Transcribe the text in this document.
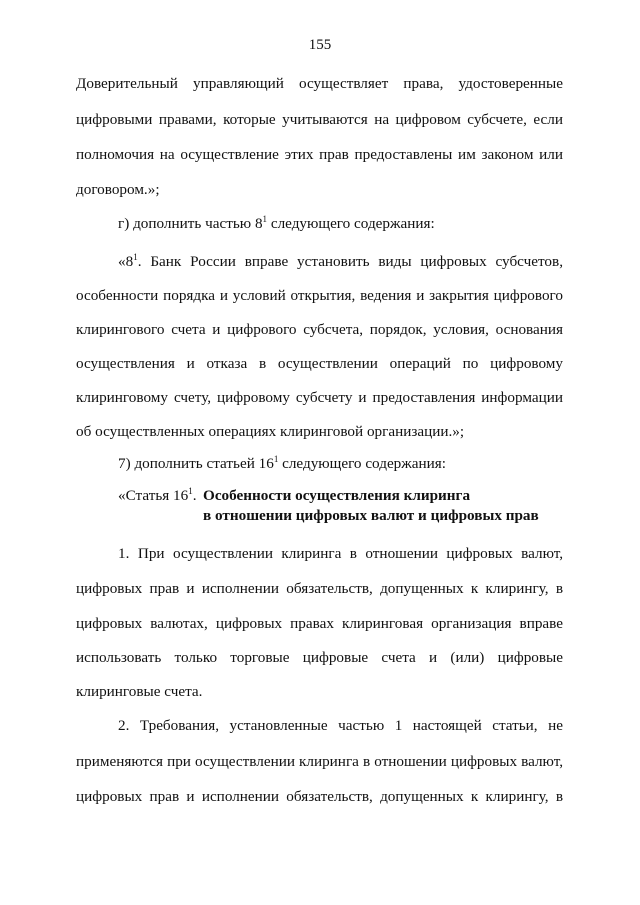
155
Доверительный управляющий осуществляет права, удостоверенные
цифровыми правами, которые учитываются на цифровом субсчете, если
полномочия на осуществление этих прав предоставлены им законом или
договором.»;
г) дополнить частью $8^1$ следующего содержания:
«$8^1$. Банк России вправе установить виды цифровых субсчетов,
особенности порядка и условий открытия, ведения и закрытия цифрового
клирингового счета и цифрового субсчета, порядок, условия, основания
осуществления и отказа в осуществлении операций по цифровому
клиринговому счету, цифровому субсчету и предоставления информации
об осуществленных операциях клиринговой организации.»;
7) дополнить статьей $16^1$ следующего содержания:
«Статья $16^1$. Особенности осуществления клиринга
в отношении цифровых валют и цифровых прав
1. При осуществлении клиринга в отношении цифровых валют,
цифровых прав и исполнении обязательств, допущенных к клирингу, в
цифровых валютах, цифровых правах клиринговая организация вправе
использовать только торговые цифровые счета и (или) цифровые
клиринговые счета.
2. Требования, установленные частью 1 настоящей статьи, не
применяются при осуществлении клиринга в отношении цифровых валют,
цифровых прав и исполнении обязательств, допущенных к клирингу, в
